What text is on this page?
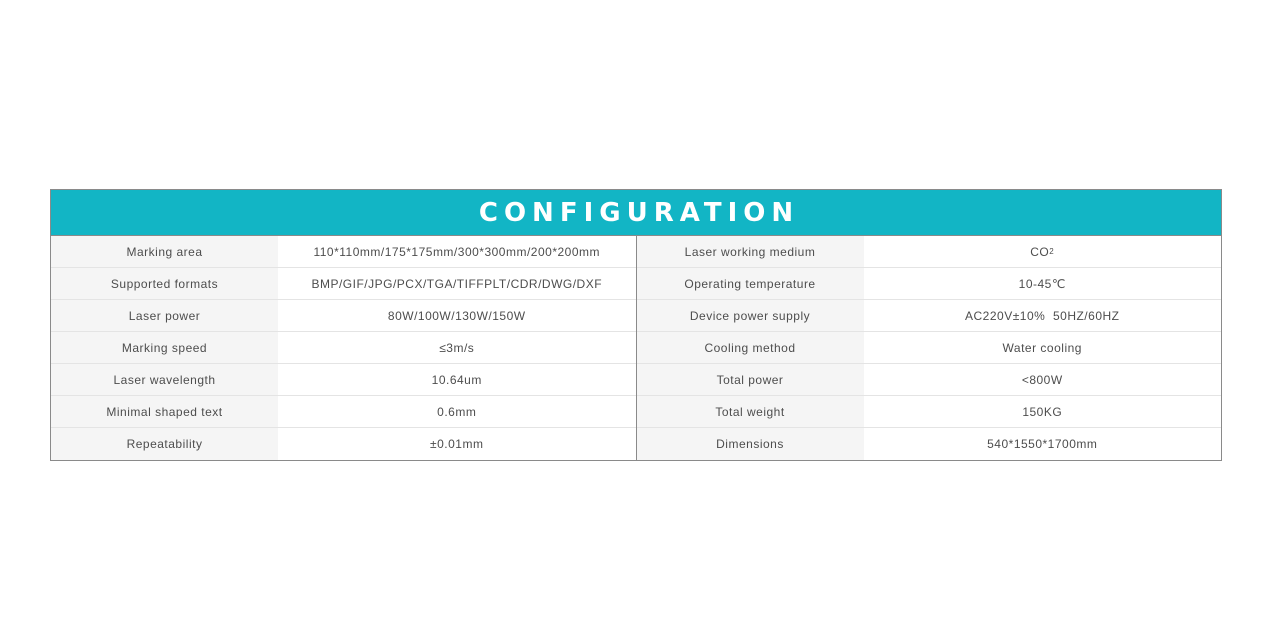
CONFIGURATION
Marking area	110*110mm/175*175mm/300*300mm/200*200mm
Supported formats	BMP/GIF/JPG/PCX/TGA/TIFFPLT/CDR/DWG/DXF
Laser power	80W/100W/130W/150W
Marking speed	≤3m/s
Laser wavelength	10.64um
Minimal shaped text	0.6mm
Repeatability	±0.01mm
Laser working medium	CO 2
Operating temperature	10-45℃
Device power supply	AC220V±10%  50HZ/60HZ
Cooling method	Water cooling
Total power	<800W
Total weight	150KG
Dimensions	540*1550*1700mm
